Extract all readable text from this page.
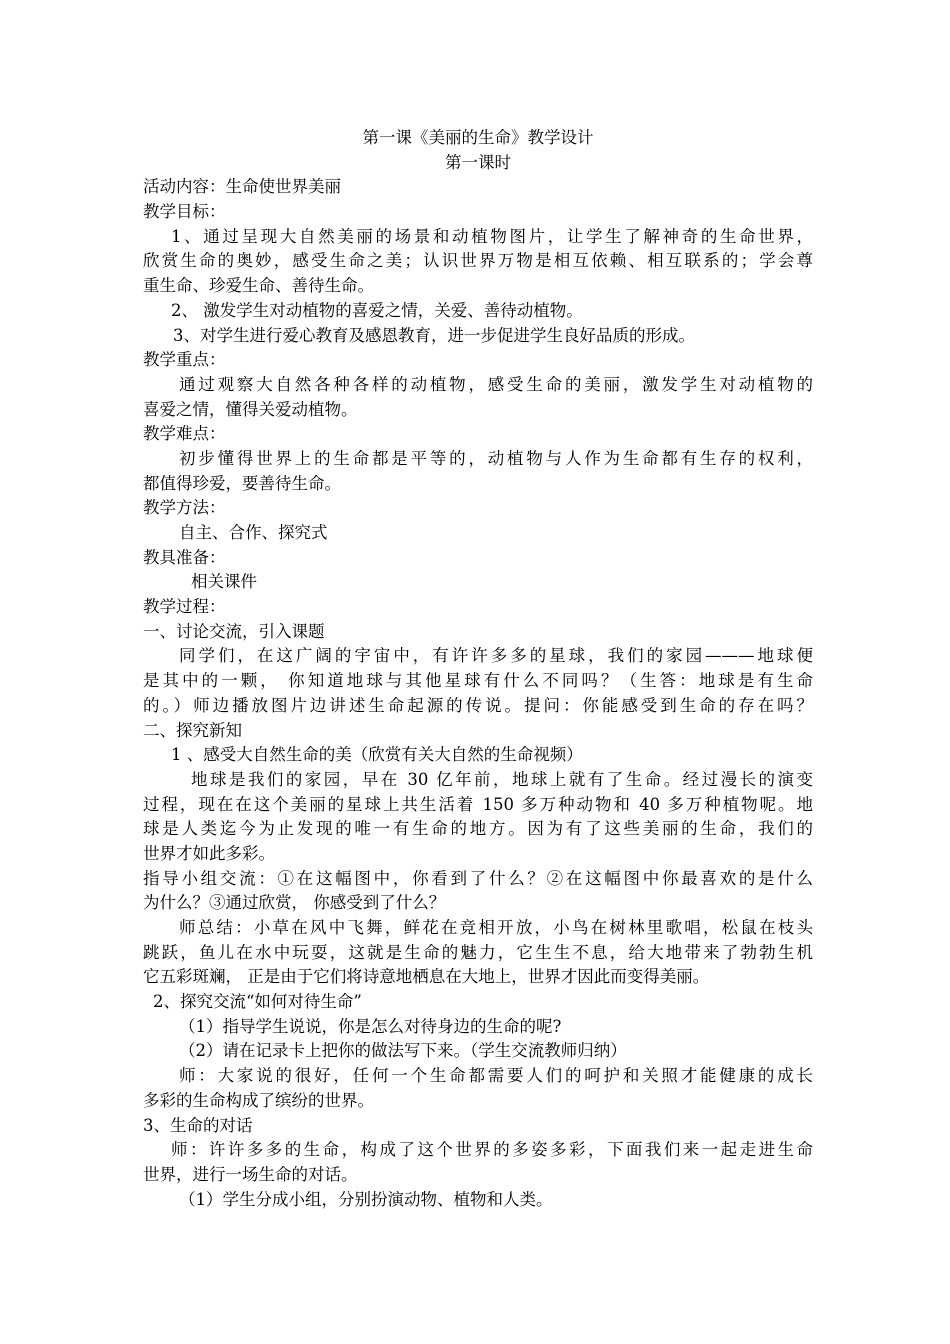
第一课《美丽的生命》教学设计
第一课时
活动内容：生命使世界美丽
教学目标：
1、通过呈现大自然美丽的场景和动植物图片，让学生了解神奇的生命世界，
欣赏生命的奥妙，感受生命之美；认识世界万物是相互依赖、相互联系的；学会尊
重生命、珍爱生命、善待生命。
2、 激发学生对动植物的喜爱之情，关爱、善待动植物。
3、对学生进行爱心教育及感恩教育，进一步促进学生良好品质的形成。
教学重点：
通过观察大自然各种各样的动植物，感受生命的美丽，激发学生对动植物的
喜爱之情，懂得关爱动植物。
教学难点：
初步懂得世界上的生命都是平等的，动植物与人作为生命都有生存的权利，
都值得珍爱，要善待生命。
教学方法：
自主、合作、探究式
教具准备：
相关课件
教学过程：
一、讨论交流，引入课题
同学们，在这广阔的宇宙中，有许许多多的星球，我们的家园———地球便
是其中的一颗， 你知道地球与其他星球有什么不同吗？（生答：地球是有生命
的。）师边播放图片边讲述生命起源的传说。提问：你能感受到生命的存在吗？
二、探究新知
1 、感受大自然生命的美（欣赏有关大自然的生命视频）
地球是我们的家园，早在 30 亿年前，地球上就有了生命。经过漫长的演变
过程，现在在这个美丽的星球上共生活着 150 多万种动物和 40 多万种植物呢。地
球是人类迄今为止发现的唯一有生命的地方。因为有了这些美丽的生命，我们的
世界才如此多彩。
指导小组交流：①在这幅图中，你看到了什么？②在这幅图中你最喜欢的是什么
为什么？③通过欣赏， 你感受到了什么？
师总结：小草在风中飞舞，鲜花在竞相开放，小鸟在树林里歌唱，松鼠在枝头
跳跃，鱼儿在水中玩耍，这就是生命的魅力，它生生不息，给大地带来了勃勃生机
它五彩斑斓， 正是由于它们将诗意地栖息在大地上，世界才因此而变得美丽。
2、探究交流“如何对待生命”
（1）指导学生说说，你是怎么对待身边的生命的呢?
（2）请在记录卡上把你的做法写下来。（学生交流教师归纳）
师：大家说的很好，任何一个生命都需要人们的呵护和关照才能健康的成长
多彩的生命构成了缤纷的世界。
3、生命的对话
师：许许多多的生命，构成了这个世界的多姿多彩，下面我们来一起走进生命
世界，进行一场生命的对话。
（1）学生分成小组，分别扮演动物、植物和人类。
